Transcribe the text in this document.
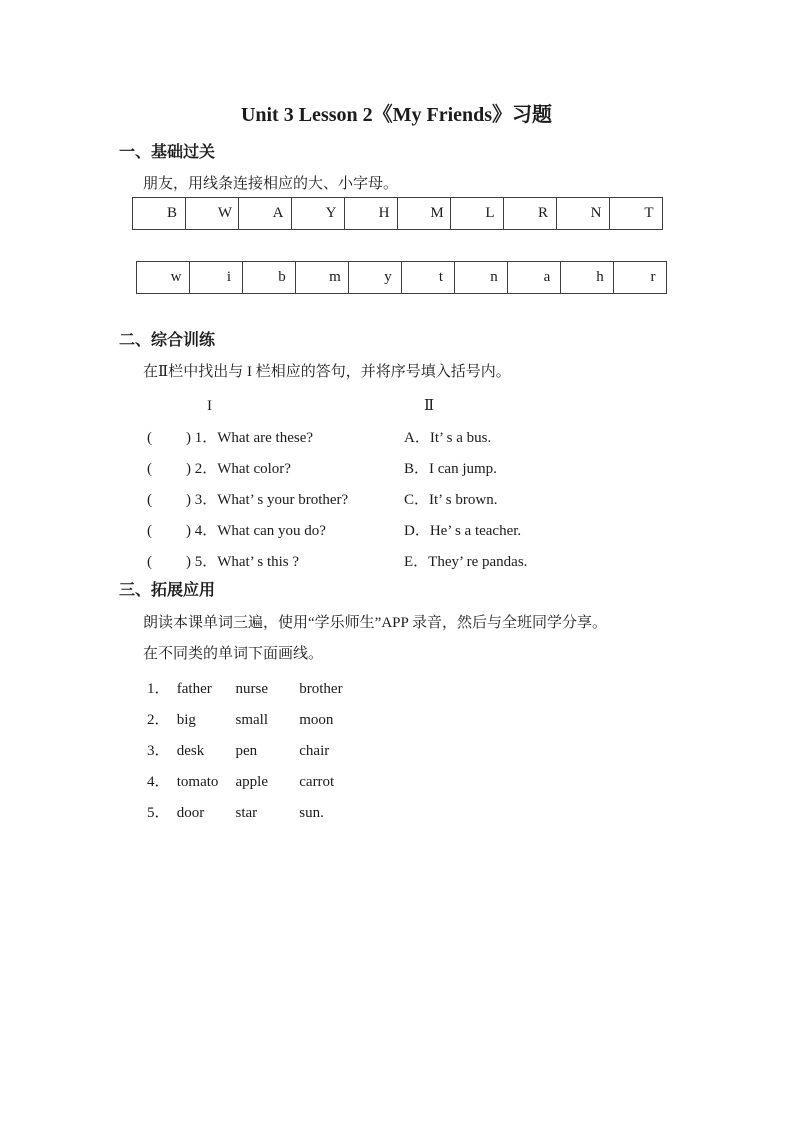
Unit 3 Lesson 2《My Friends》习题
一、基础过关
朋友，用线条连接相应的大、小字母。
B	W	A	Y	H	M	L	R	N	T
w	i	b	m	y	t	n	a	h	r
二、综合训练
在Ⅱ栏中找出与 I 栏相应的答句，并将序号填入括号内。
I	Ⅱ
( ) 1．What are these?	A．It’ s a bus.
( ) 2．What color?	B．I can jump.
( ) 3．What’ s your brother?	C．It’ s brown.
( ) 4．What can you do?	D．He’ s a teacher.
( ) 5．What’ s this ?	E．They’ re pandas.
三、拓展应用
朗读本课单词三遍，使用“学乐师生”APP 录音，然后与全班同学分享。
在不同类的单词下面画线。
1． father nurse brother
2． big	small moon
3． desk pen	chair
4． tomato apple carrot
5． door star	sun.
